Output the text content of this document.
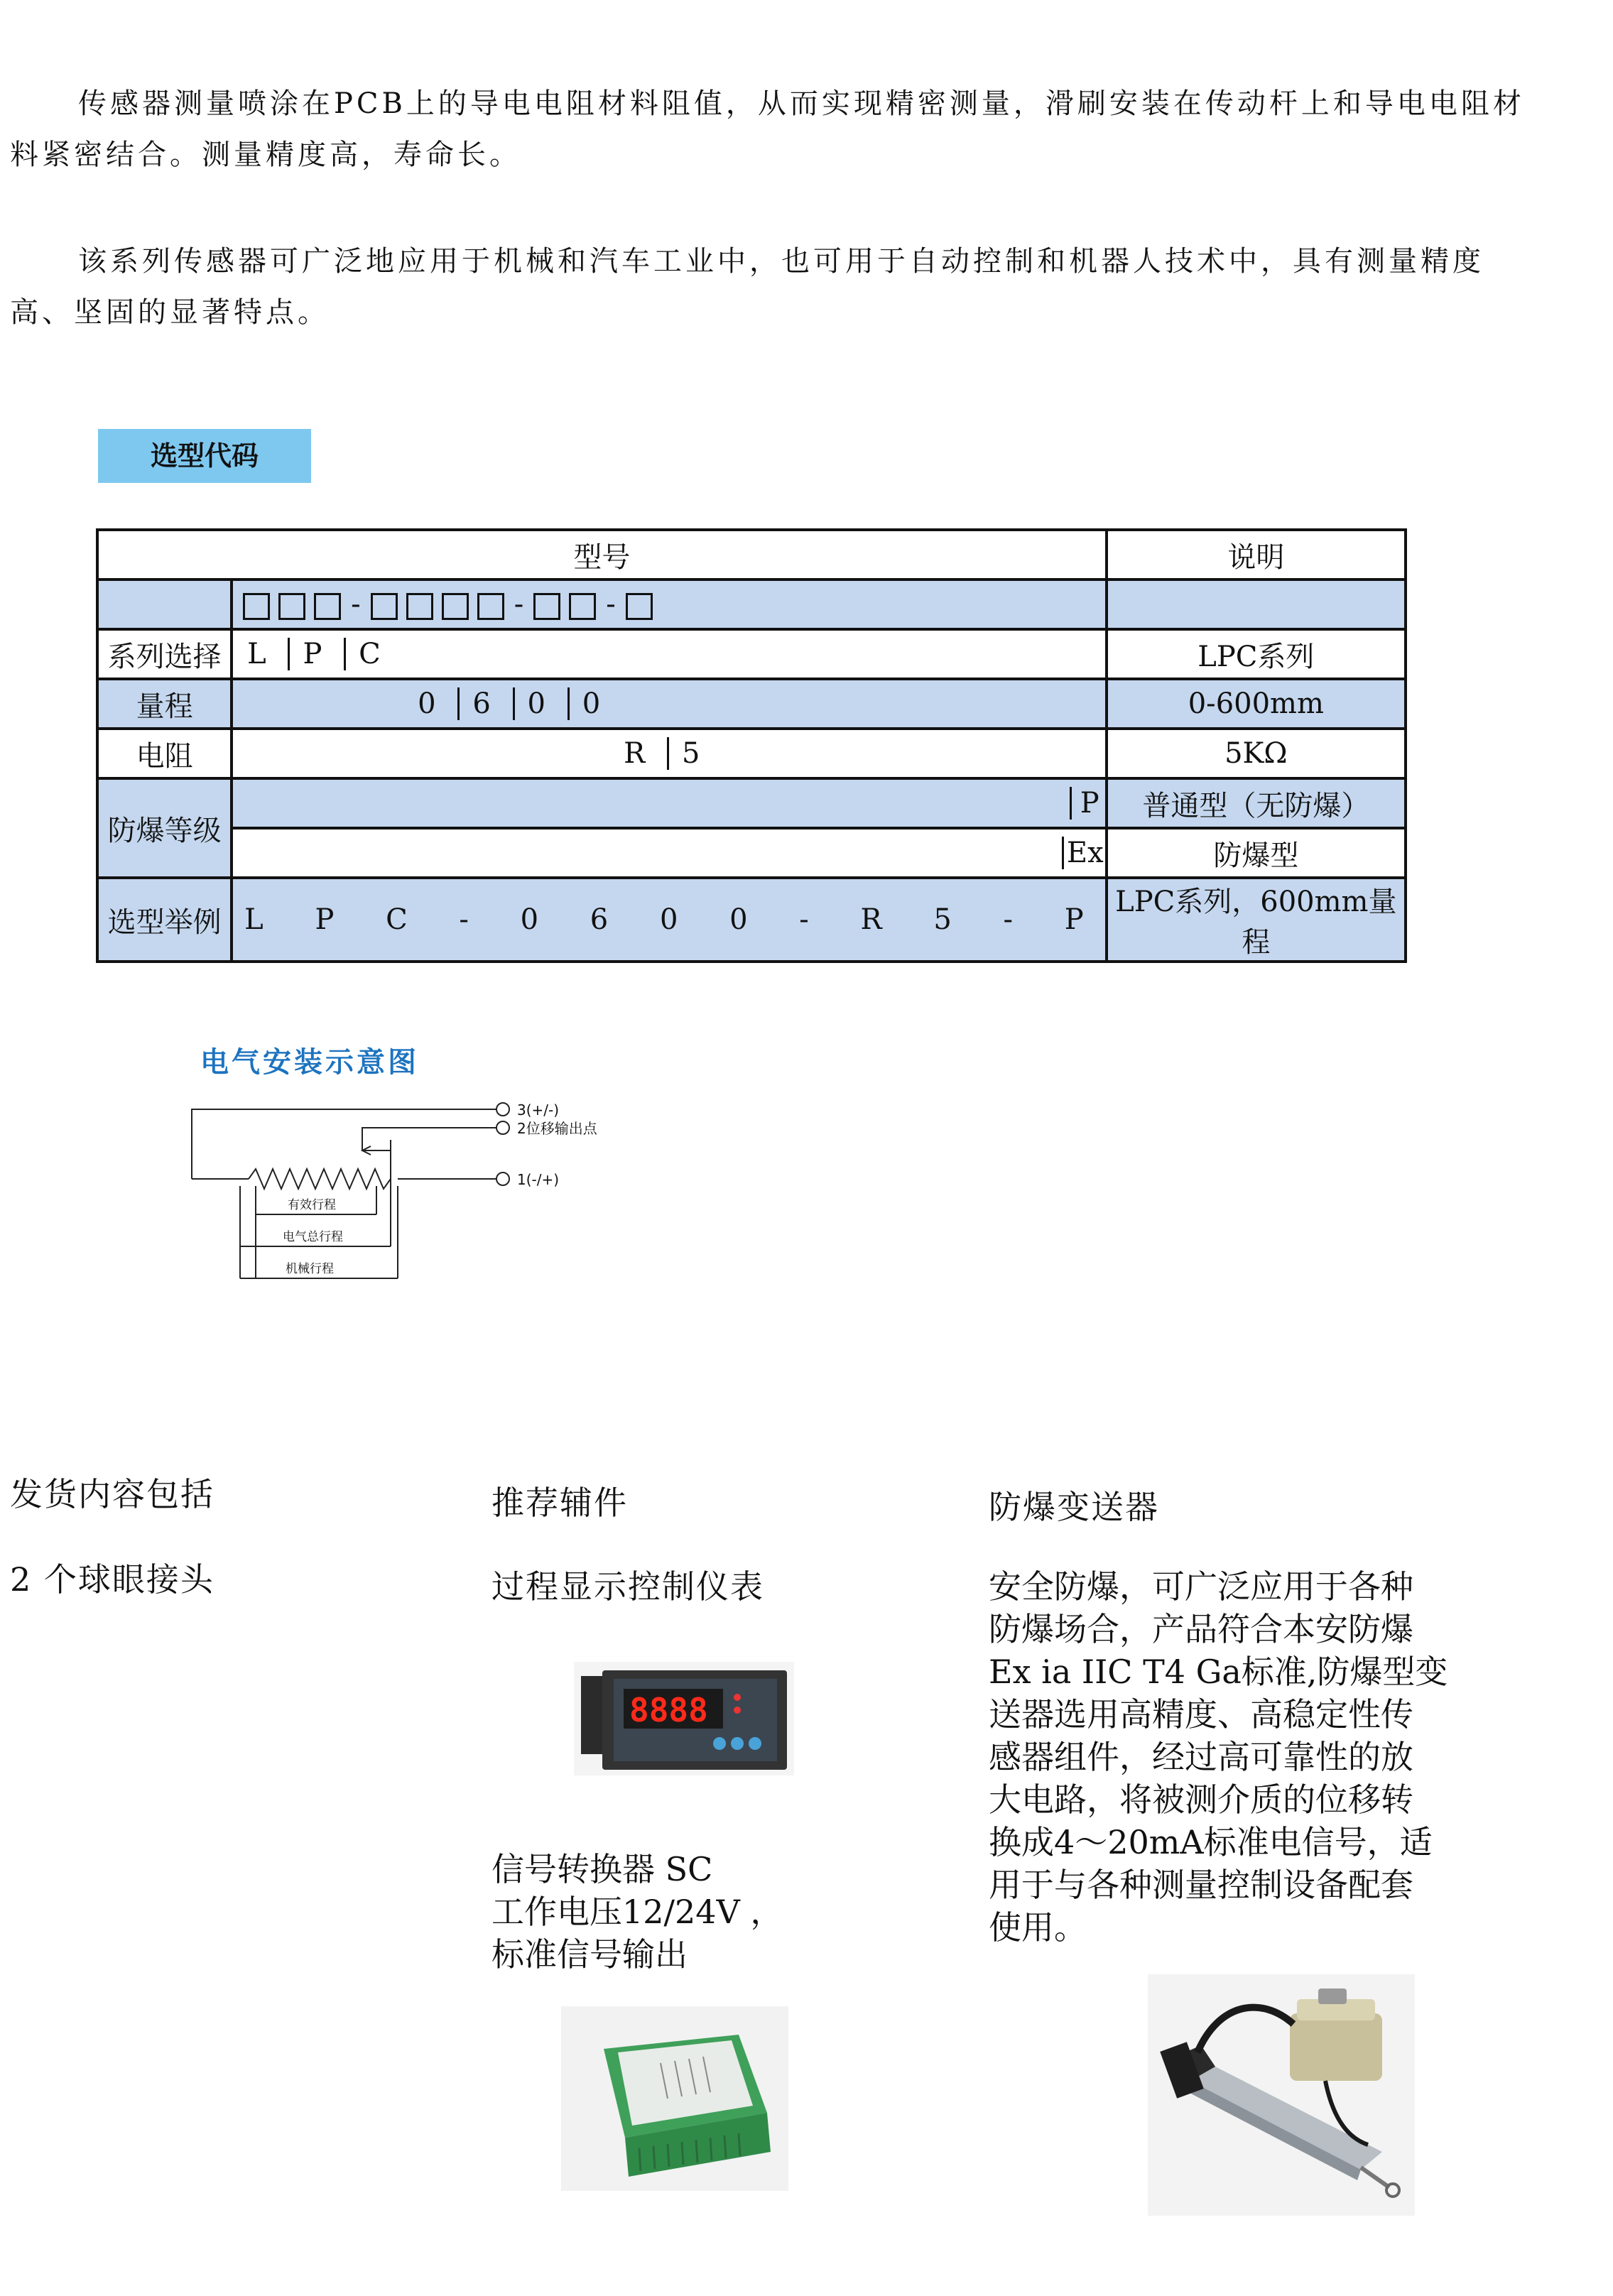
传感器测量喷涂在PCB上的导电电阻材料阻值，从而实现精密测量，滑刷安装在传动杆上和导电电阻材料紧密结合。测量精度高，寿命长。
该系列传感器可广泛地应用于机械和汽车工业中，也可用于自动控制和机器人技术中，具有测量精度高、坚固的显著特点。
选型代码
型号		说明
	- - -	
系列选择	L P C	LPC系列
量程	0 6 0 0	0-600mm
电阻	R 5	5KΩ
防爆等级	P	普通型（无防爆）
	Ex	防爆型
选型举例	L P C - 0 6 0 0 - R 5 - P	LPC系列，600mm量程
电气安装示意图
3(+/-)
2位移输出点
1(-/+)
有效行程
电气总行程
机械行程
发货内容包括
2 个球眼接头
推荐辅件
过程显示控制仪表
8888
信号转换器 SC
工作电压12/24V ，
标准信号输出
防爆变送器
安全防爆，可广泛应用于各种
防爆场合，产品符合本安防爆
Ex ia IIC T4 Ga标准,防爆型变
送器选用高精度、高稳定性传
感器组件，经过高可靠性的放
大电路，将被测介质的位移转
换成4～20mA标准电信号，适
用于与各种测量控制设备配套
使用。
